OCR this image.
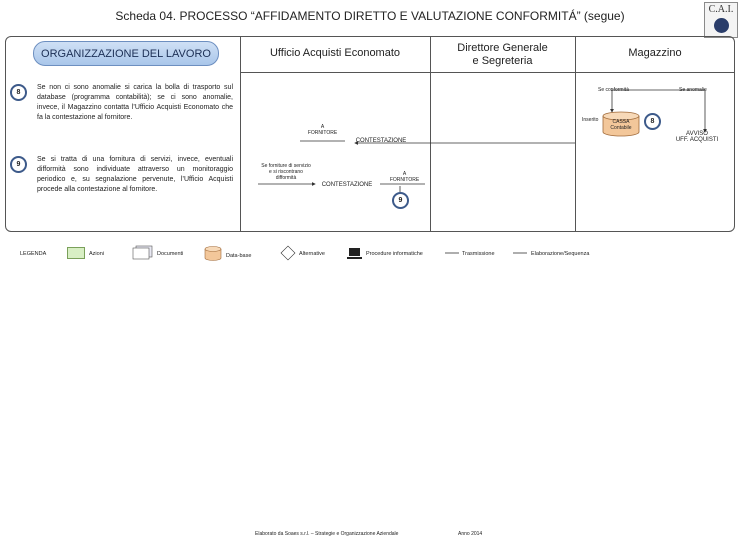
Scheda 04. PROCESSO “AFFIDAMENTO DIRETTO E VALUTAZIONE CONFORMITÁ” (segue)	C.A.I.
ORGANIZZAZIONE DEL LAVORO	Ufficio Acquisti Economato	Direttore Generale
e Segreteria
Magazzino
8
Se non ci sono anomalie si carica la bolla di trasporto sul database (programma contabilità); se ci sono anomalie, invece, il Magazzino contatta l’Ufficio Acquisti Economato che fa la contestazione al fornitore.
9
Se si tratta di una fornitura di servizi, invece, eventuali difformità sono individuate attraverso un monitoraggio periodico e, su segnalazione pervenute, l’Ufficio Acquisti procede alla contestazione al fornitore.
Se conformità	Se anomalie
Inserito	CASSA
Contabile
8
AVVISO
UFF. ACQUISTI
A
FORNITORE
CONTESTAZIONE
Se forniture di servizio
e si riscontrano
difformità
CONTESTAZIONE
A
FORNITORE
9
LEGENDA	Azioni	Documenti	Data-base	Alternative	Procedure informatiche	Trasmissione	Elaborazione/Sequenza
Elaborato da Soaes s.r.l. – Strategie e Organizzazione Aziendale	Anno 2014
